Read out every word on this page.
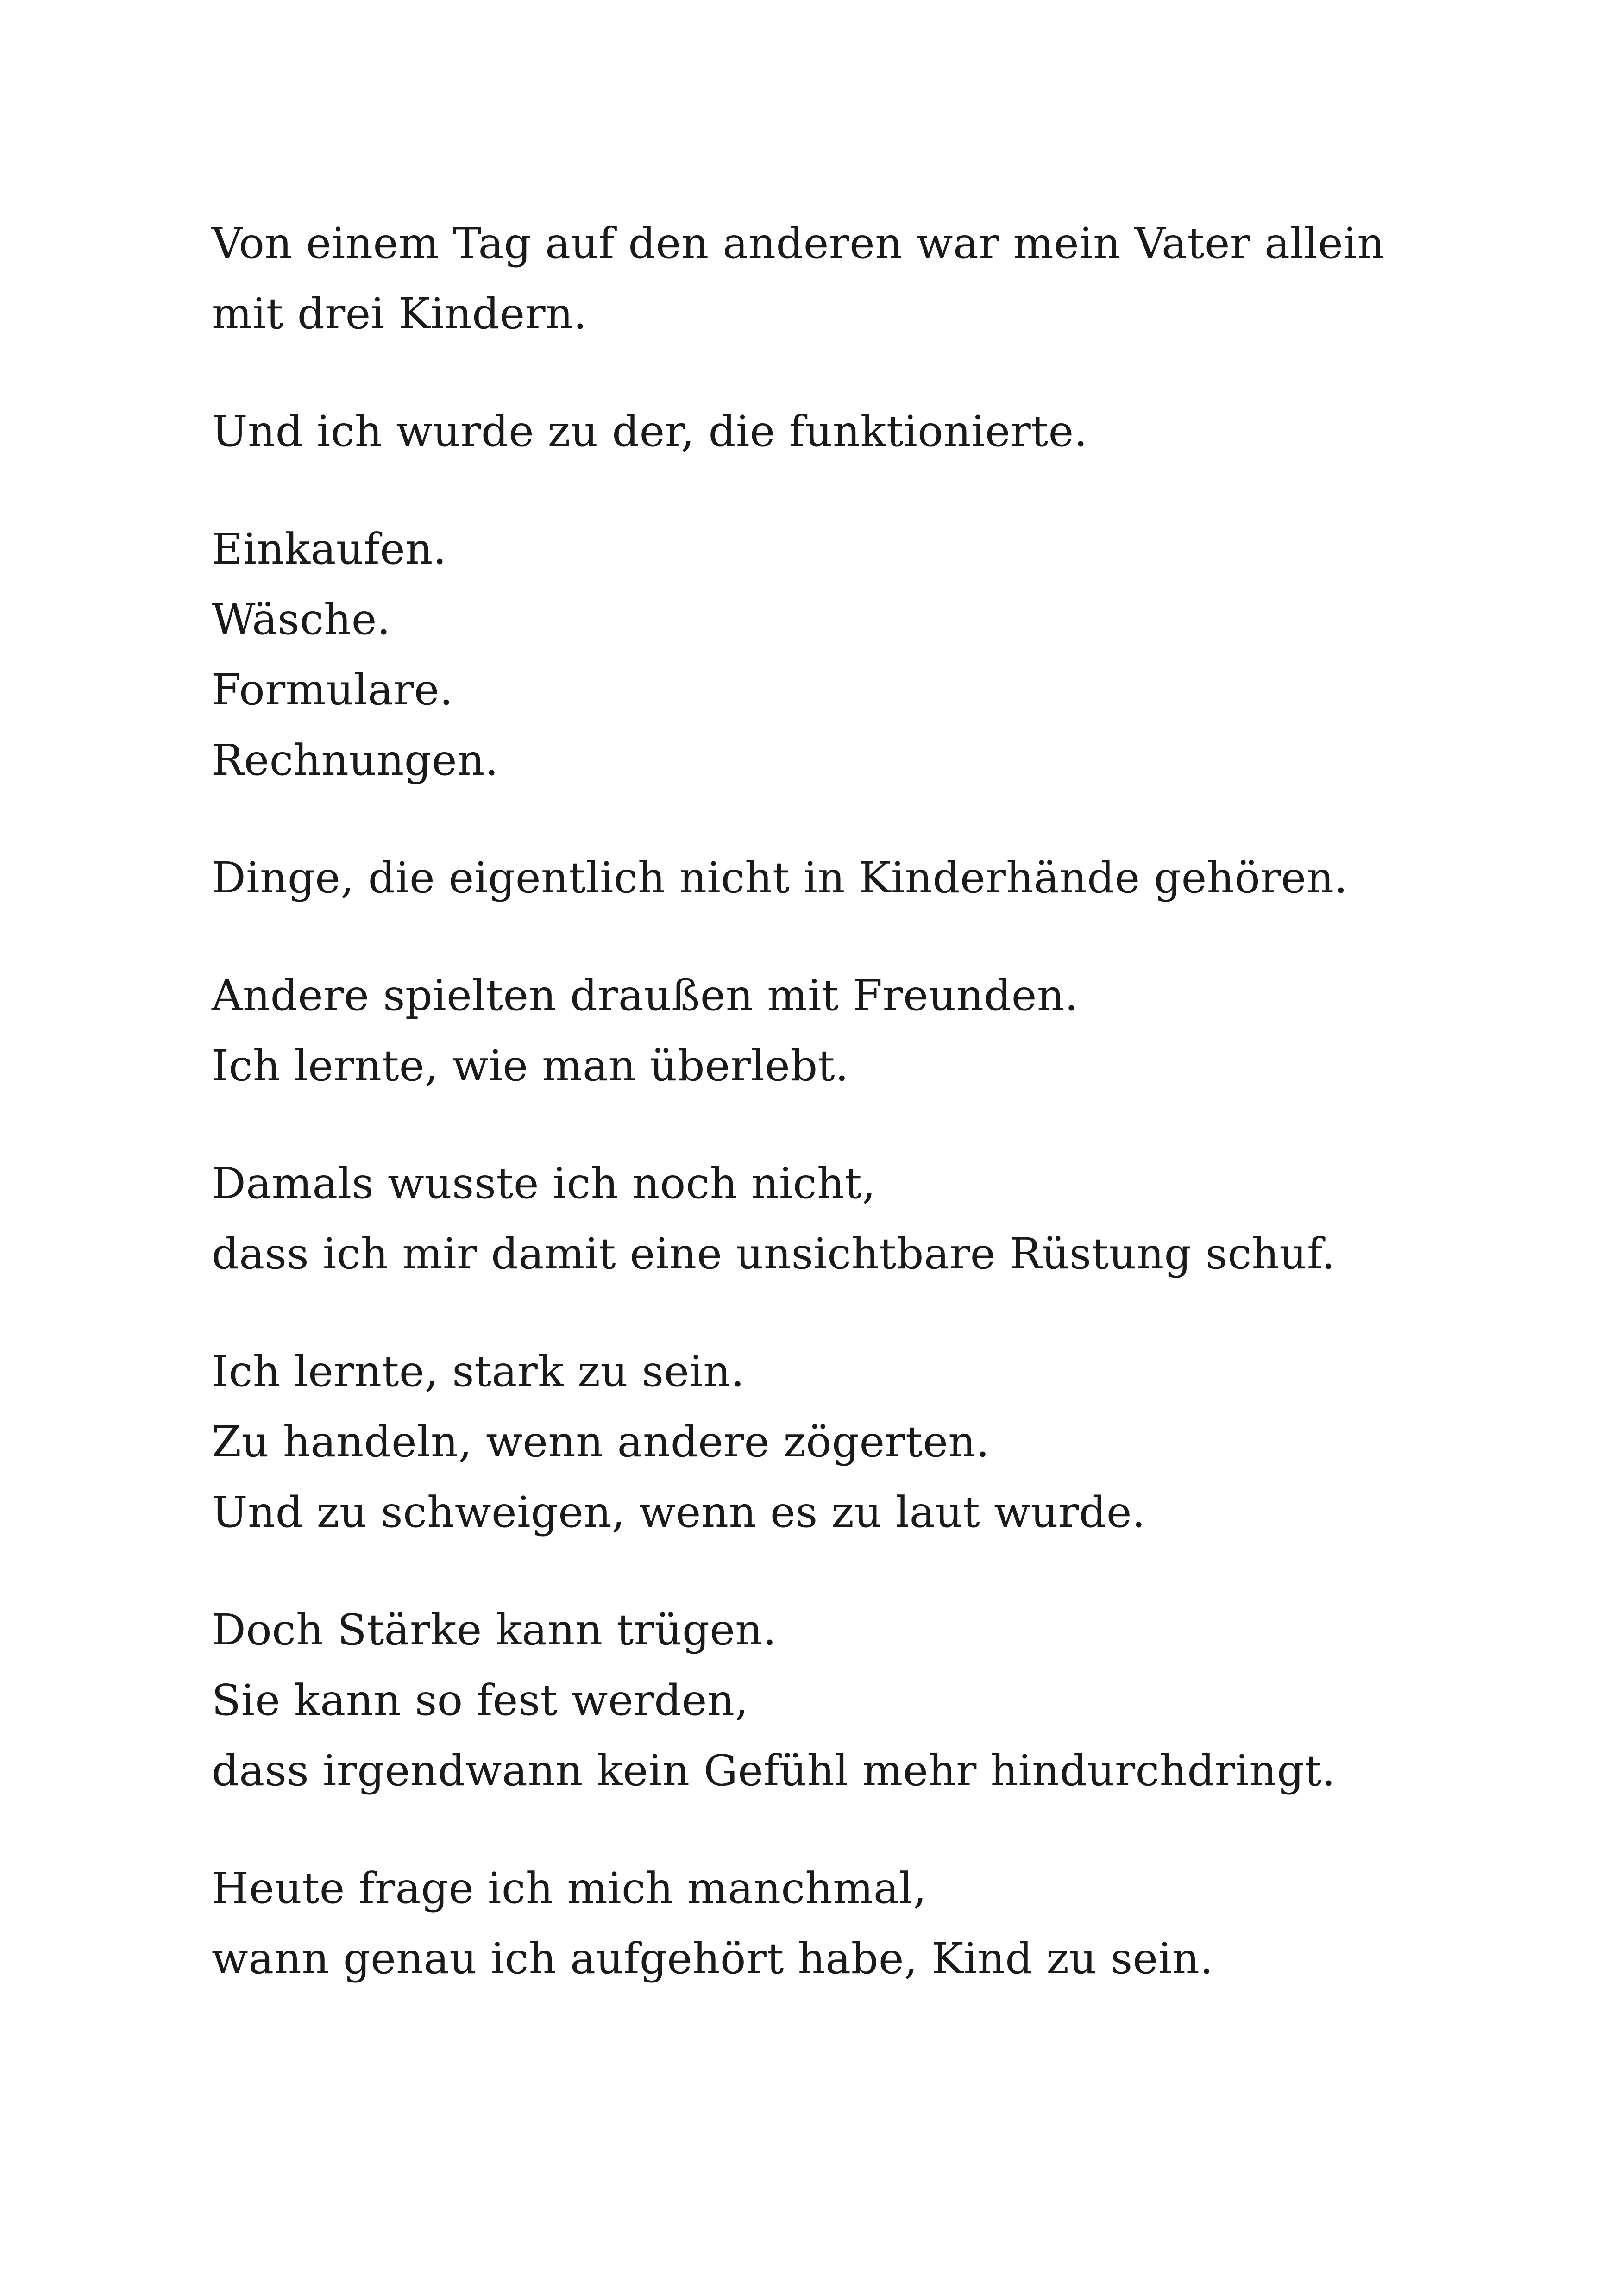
Von einem Tag auf den anderen war mein Vater allein
mit drei Kindern.
Und ich wurde zu der, die funktionierte.
Einkaufen.
Wäsche.
Formulare.
Rechnungen.
Dinge, die eigentlich nicht in Kinderhände gehören.
Andere spielten draußen mit Freunden.
Ich lernte, wie man überlebt.
Damals wusste ich noch nicht,
dass ich mir damit eine unsichtbare Rüstung schuf.
Ich lernte, stark zu sein.
Zu handeln, wenn andere zögerten.
Und zu schweigen, wenn es zu laut wurde.
Doch Stärke kann trügen.
Sie kann so fest werden,
dass irgendwann kein Gefühl mehr hindurchdringt.
Heute frage ich mich manchmal,
wann genau ich aufgehört habe, Kind zu sein.
